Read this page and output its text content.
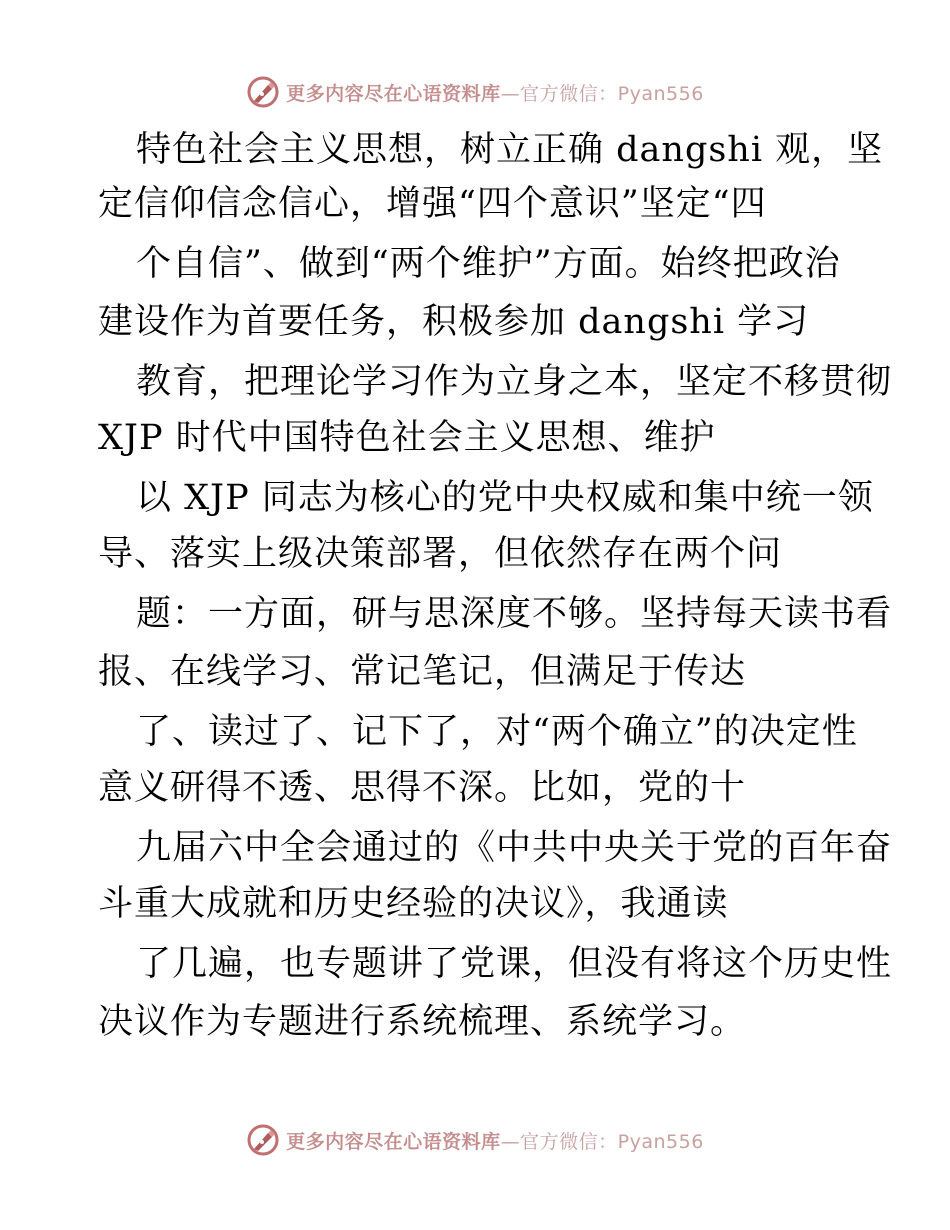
更多内容尽在心语资料库—官方微信：Pyan556
特色社会主义思想，树立正确 dangshi 观，坚
定信仰信念信心，增强“四个意识”坚定“四
个自信”、做到“两个维护”方面。始终把政治
建设作为首要任务，积极参加 dangshi 学习
教育，把理论学习作为立身之本，坚定不移贯彻
XJP 时代中国特色社会主义思想、维护
以 XJP 同志为核心的党中央权威和集中统一领
导、落实上级决策部署，但依然存在两个问
题：一方面，研与思深度不够。坚持每天读书看
报、在线学习、常记笔记，但满足于传达
了、读过了、记下了，对“两个确立”的决定性
意义研得不透、思得不深。比如，党的十
九届六中全会通过的《中共中央关于党的百年奋
斗重大成就和历史经验的决议》，我通读
了几遍，也专题讲了党课，但没有将这个历史性
决议作为专题进行系统梳理、系统学习。
更多内容尽在心语资料库—官方微信：Pyan556
